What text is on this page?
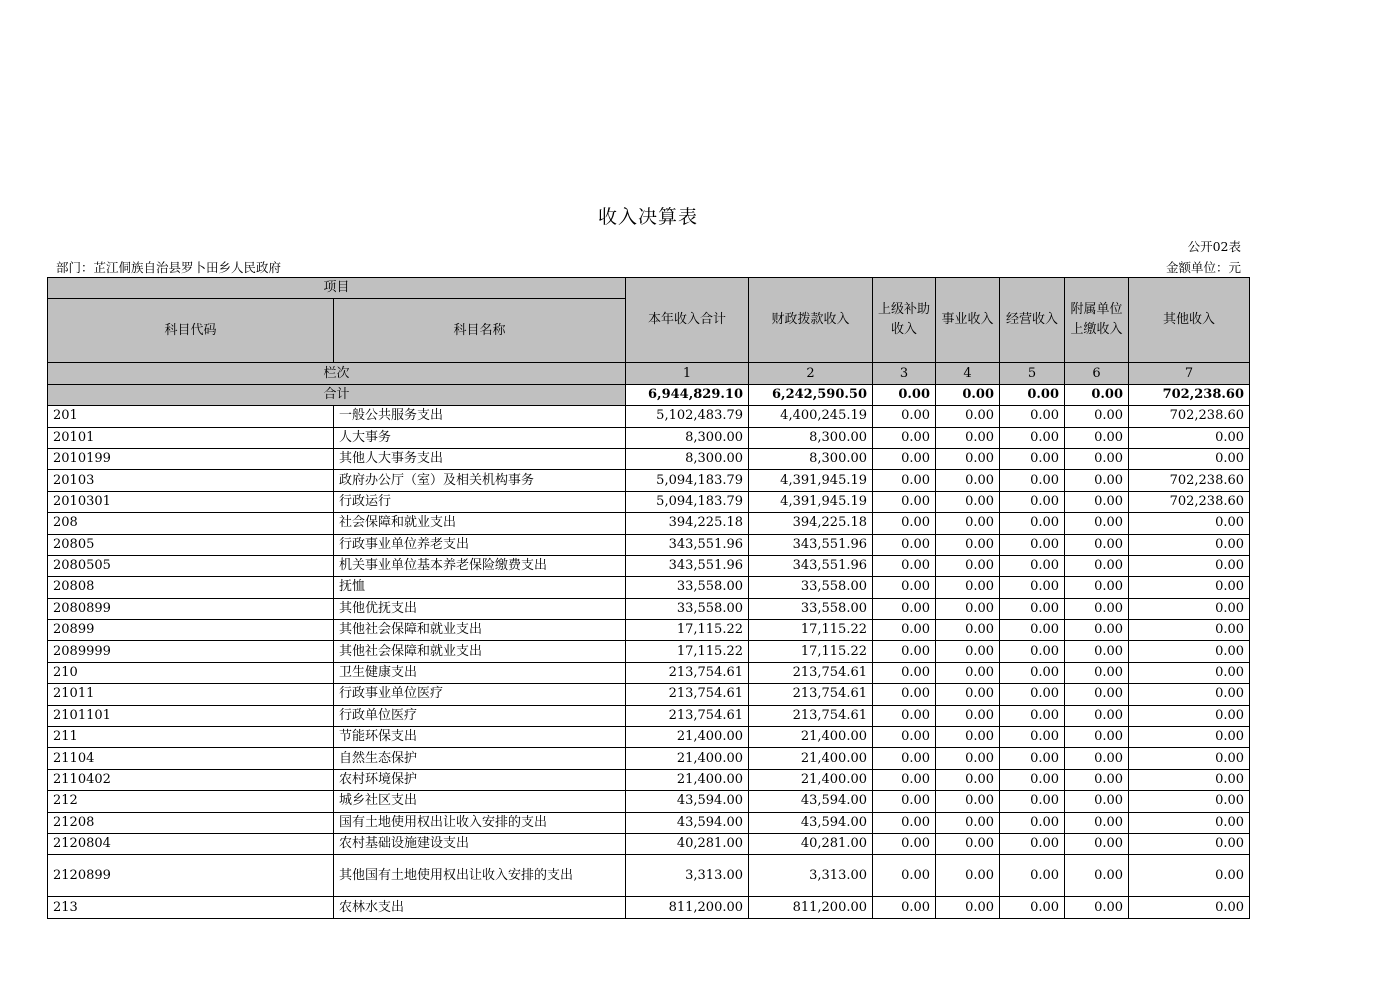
收入决算表
公开02表
部门：芷江侗族自治县罗卜田乡人民政府	金额单位：元
项目		本年收入合计	财政拨款收入	上级补助收入	事业收入	经营收入	附属单位上缴收入	其他收入
科目代码	科目名称							
栏次		1	2	3	4	5	6	7
合计		6,944,829.10	6,242,590.50	0.00	0.00	0.00	0.00	702,238.60
201	一般公共服务支出	5,102,483.79	4,400,245.19	0.00	0.00	0.00	0.00	702,238.60
20101	人大事务	8,300.00	8,300.00	0.00	0.00	0.00	0.00	0.00
2010199	其他人大事务支出	8,300.00	8,300.00	0.00	0.00	0.00	0.00	0.00
20103	政府办公厅（室）及相关机构事务	5,094,183.79	4,391,945.19	0.00	0.00	0.00	0.00	702,238.60
2010301	行政运行	5,094,183.79	4,391,945.19	0.00	0.00	0.00	0.00	702,238.60
208	社会保障和就业支出	394,225.18	394,225.18	0.00	0.00	0.00	0.00	0.00
20805	行政事业单位养老支出	343,551.96	343,551.96	0.00	0.00	0.00	0.00	0.00
2080505	机关事业单位基本养老保险缴费支出	343,551.96	343,551.96	0.00	0.00	0.00	0.00	0.00
20808	抚恤	33,558.00	33,558.00	0.00	0.00	0.00	0.00	0.00
2080899	其他优抚支出	33,558.00	33,558.00	0.00	0.00	0.00	0.00	0.00
20899	其他社会保障和就业支出	17,115.22	17,115.22	0.00	0.00	0.00	0.00	0.00
2089999	其他社会保障和就业支出	17,115.22	17,115.22	0.00	0.00	0.00	0.00	0.00
210	卫生健康支出	213,754.61	213,754.61	0.00	0.00	0.00	0.00	0.00
21011	行政事业单位医疗	213,754.61	213,754.61	0.00	0.00	0.00	0.00	0.00
2101101	行政单位医疗	213,754.61	213,754.61	0.00	0.00	0.00	0.00	0.00
211	节能环保支出	21,400.00	21,400.00	0.00	0.00	0.00	0.00	0.00
21104	自然生态保护	21,400.00	21,400.00	0.00	0.00	0.00	0.00	0.00
2110402	农村环境保护	21,400.00	21,400.00	0.00	0.00	0.00	0.00	0.00
212	城乡社区支出	43,594.00	43,594.00	0.00	0.00	0.00	0.00	0.00
21208	国有土地使用权出让收入安排的支出	43,594.00	43,594.00	0.00	0.00	0.00	0.00	0.00
2120804	农村基础设施建设支出	40,281.00	40,281.00	0.00	0.00	0.00	0.00	0.00
2120899	其他国有土地使用权出让收入安排的支出	3,313.00	3,313.00	0.00	0.00	0.00	0.00	0.00
213	农林水支出	811,200.00	811,200.00	0.00	0.00	0.00	0.00	0.00
